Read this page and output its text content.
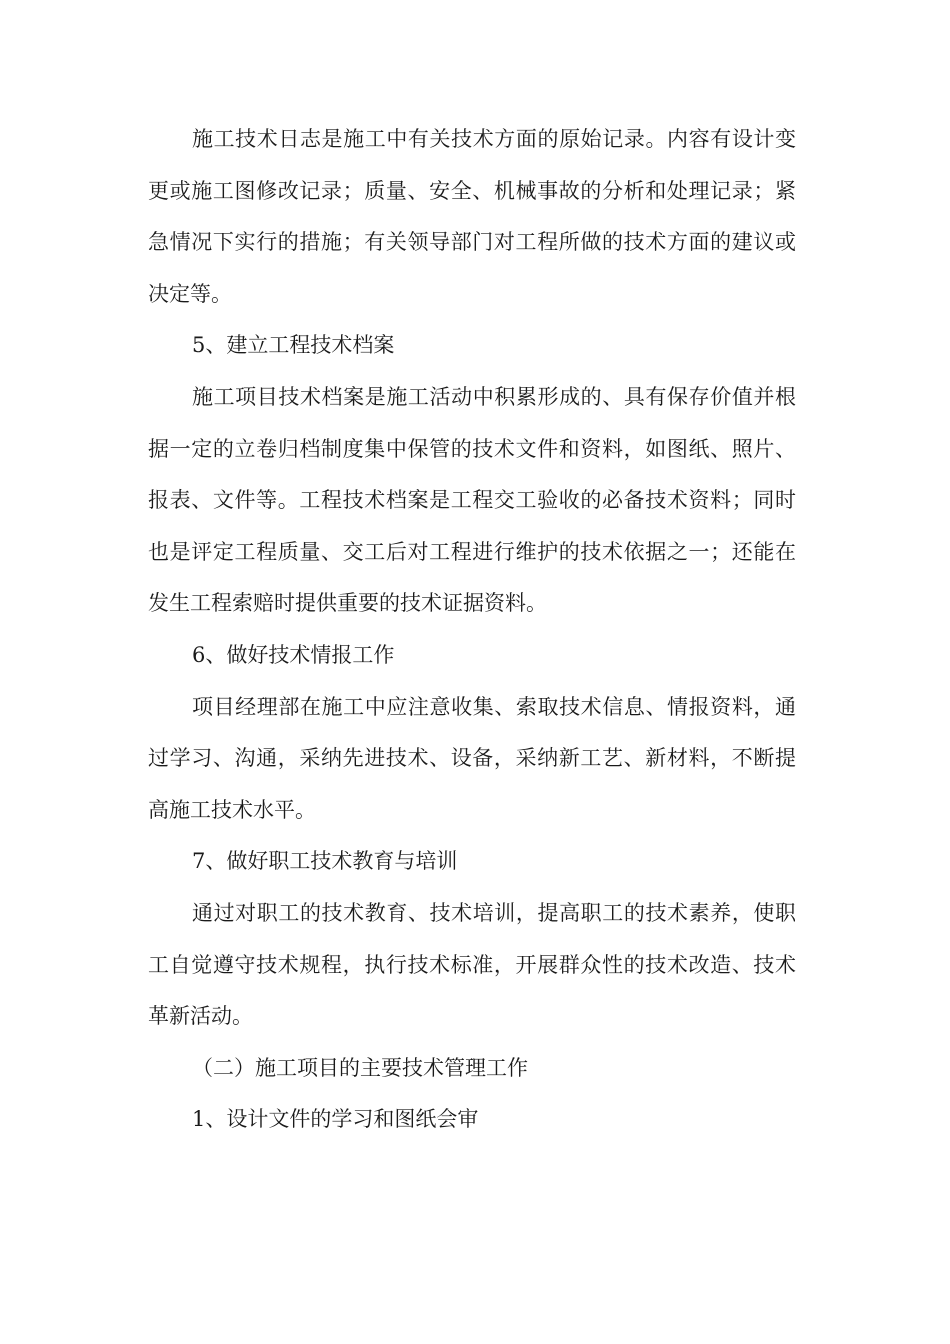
施工技术日志是施工中有关技术方面的原始记录。内容有设计变更或施工图修改记录；质量、安全、机械事故的分析和处理记录；紧急情况下实行的措施；有关领导部门对工程所做的技术方面的建议或决定等。

5、建立工程技术档案

施工项目技术档案是施工活动中积累形成的、具有保存价值并根据一定的立卷归档制度集中保管的技术文件和资料，如图纸、照片、报表、文件等。工程技术档案是工程交工验收的必备技术资料；同时也是评定工程质量、交工后对工程进行维护的技术依据之一；还能在发生工程索赔时提供重要的技术证据资料。

6、做好技术情报工作

项目经理部在施工中应注意收集、索取技术信息、情报资料，通过学习、沟通，采纳先进技术、设备，采纳新工艺、新材料，不断提高施工技术水平。

7、做好职工技术教育与培训

通过对职工的技术教育、技术培训，提高职工的技术素养，使职工自觉遵守技术规程，执行技术标准，开展群众性的技术改造、技术革新活动。

（二）施工项目的主要技术管理工作

1、设计文件的学习和图纸会审
